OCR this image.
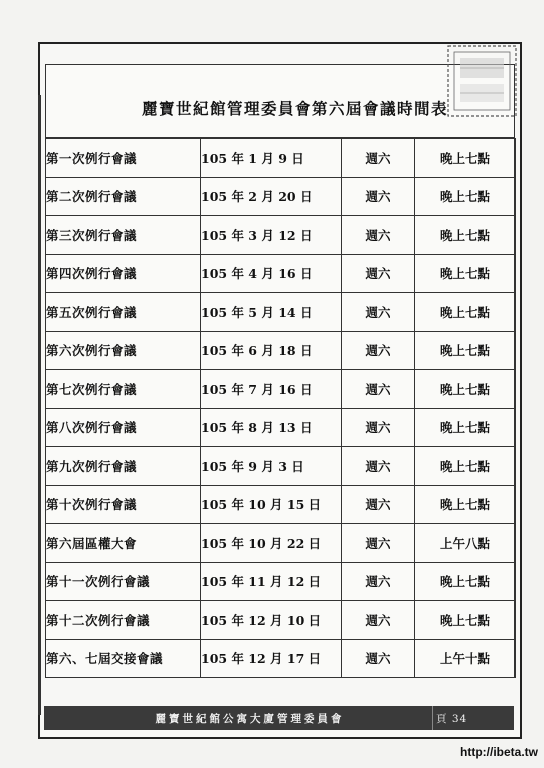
麗寶世紀館管理委員會第六屆會議時間表
第一次例行會議	105 年 1 月 9 日	週六	晚上七點
第二次例行會議	105 年 2 月 20 日	週六	晚上七點
第三次例行會議	105 年 3 月 12 日	週六	晚上七點
第四次例行會議	105 年 4 月 16 日	週六	晚上七點
第五次例行會議	105 年 5 月 14 日	週六	晚上七點
第六次例行會議	105 年 6 月 18 日	週六	晚上七點
第七次例行會議	105 年 7 月 16 日	週六	晚上七點
第八次例行會議	105 年 8 月 13 日	週六	晚上七點
第九次例行會議	105 年 9 月 3 日	週六	晚上七點
第十次例行會議	105 年 10 月 15 日	週六	晚上七點
第六屆區權大會	105 年 10 月 22 日	週六	上午八點
第十一次例行會議	105 年 11 月 12 日	週六	晚上七點
第十二次例行會議	105 年 12 月 10 日	週六	晚上七點
第六、七屆交接會議	105 年 12 月 17 日	週六	上午十點
麗寶世紀館公寓大廈管理委員會	頁 34
http://ibeta.tw
